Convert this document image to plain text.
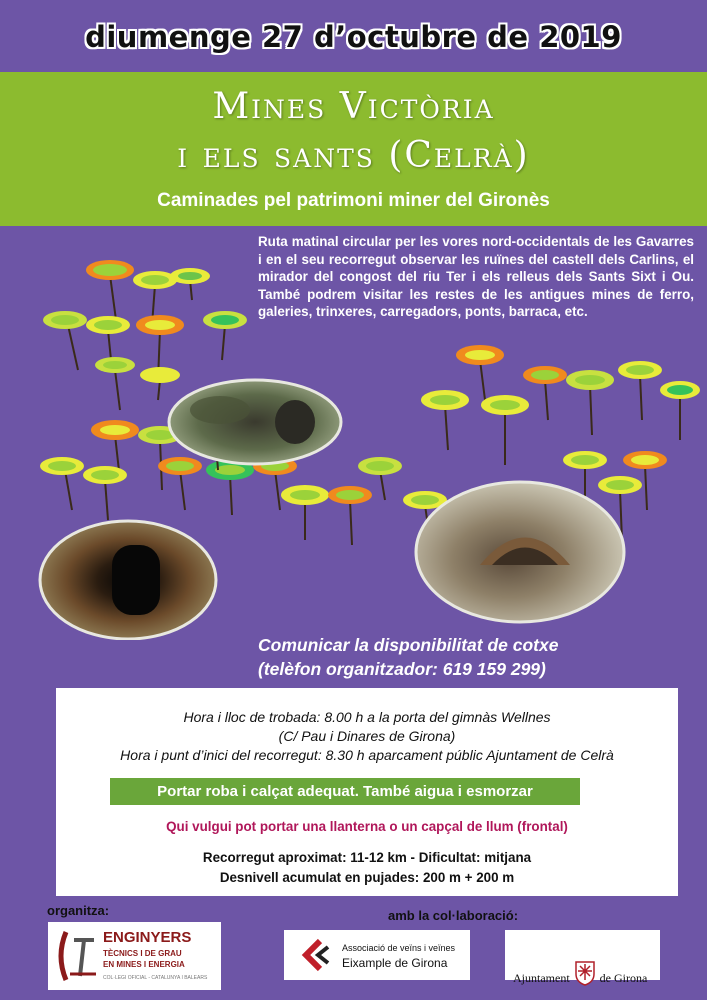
diumenge 27 d’octubre de 2019
Mines Victòria
i els sants (Celrà)
Caminades pel patrimoni miner del Gironès
Ruta matinal circular per les vores nord-occidentals de les Gavarres i en el seu recorregut observar les ruïnes del castell dels Carlins, el mirador del congost del riu Ter i els relleus dels Sants Sixt i Ou. També podrem visitar les restes de les antigues mines de ferro, galeries, trinxeres, carregadors, ponts, barraca, etc.
Comunicar la disponibilitat de cotxe
(telèfon organitzador: 619 159 299)
Hora i lloc de trobada: 8.00 h a la porta del gimnàs Wellnes
(C/ Pau i Dinares de Girona)
Hora i punt d’inici del recorregut: 8.30 h aparcament públic Ajuntament de Celrà
Portar roba i calçat adequat. També aigua i esmorzar
Qui vulgui pot portar una llanterna o un capçal de llum (frontal)
Recorregut aproximat: 11-12 km - Dificultat: mitjana
Desnivell acumulat en pujades: 200 m + 200 m
organitza:	amb la col·laboració:
ENGINYERS
TÈCNICS I DE GRAU
EN MINES I ENERGIA
COL·LEGI OFICIAL - CATALUNYA I BALEARS
Associació de veïns i veïnes
Eixample de Girona
Ajuntament	de Girona
